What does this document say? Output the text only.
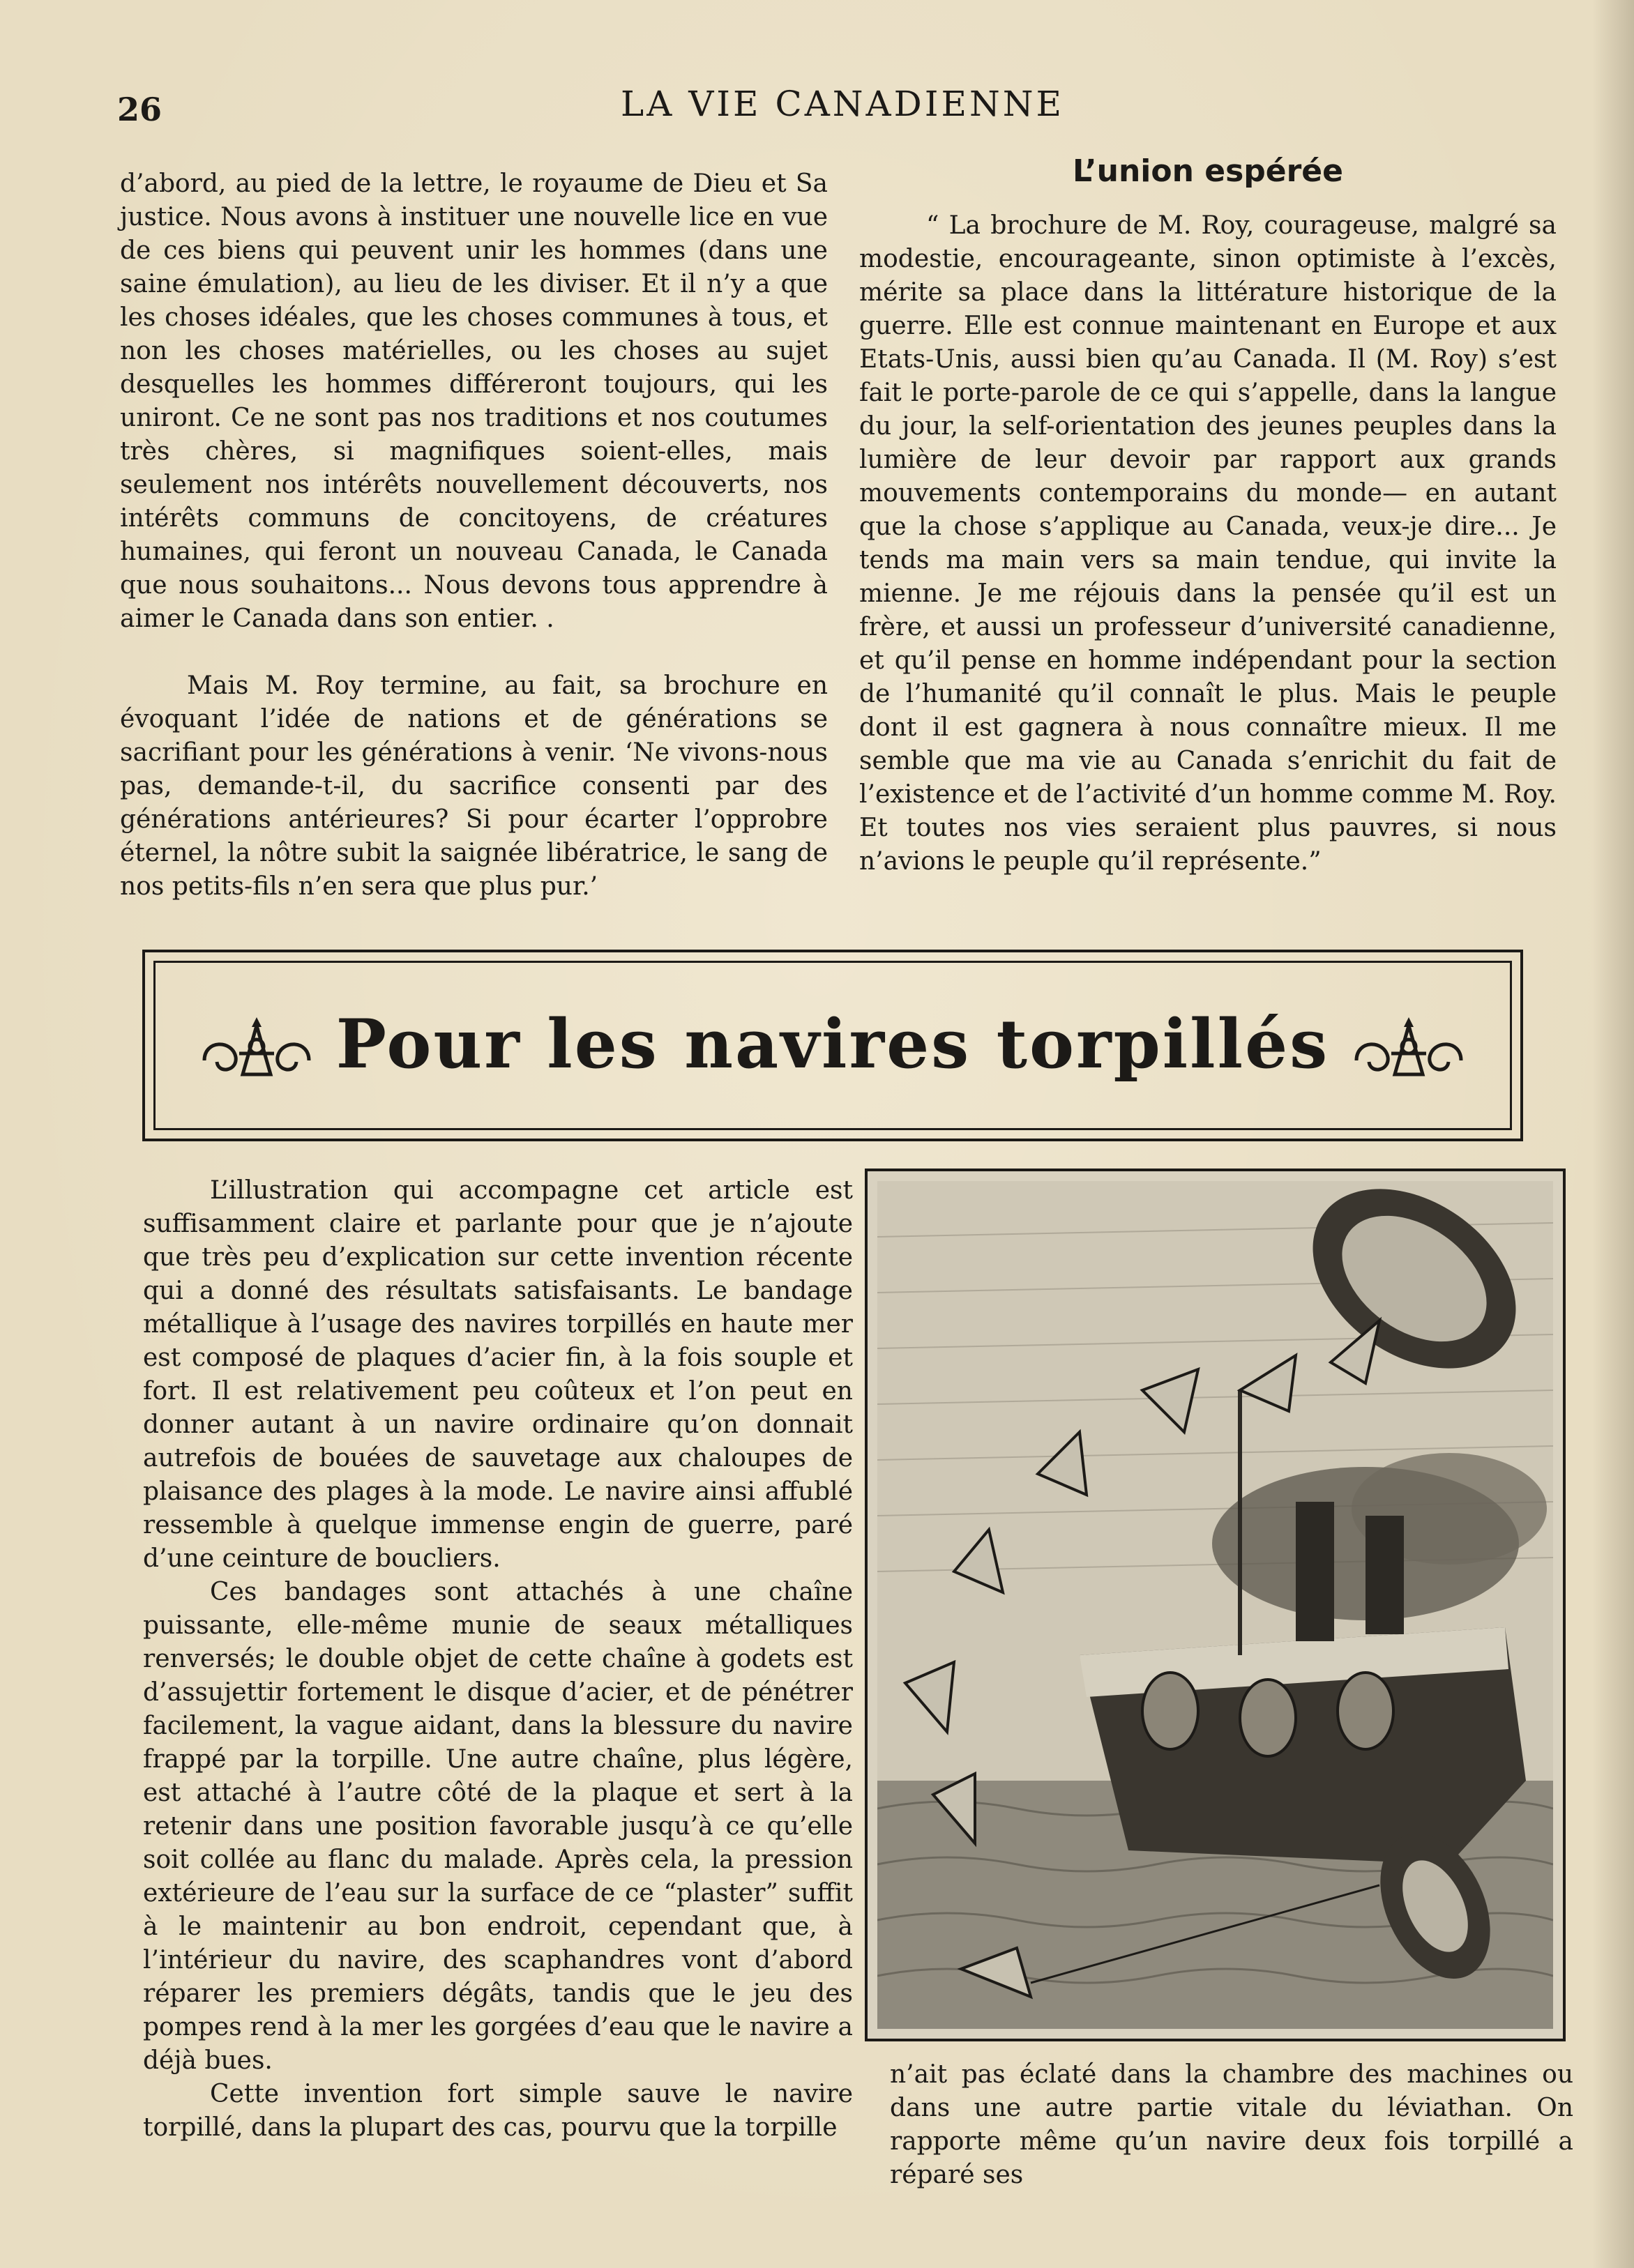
26	LA VIE CANADIENNE

d’abord, au pied de la lettre, le royaume de Dieu et Sa justice. Nous avons à instituer une nouvelle lice en vue de ces biens qui peuvent unir les hommes (dans une saine émulation), au lieu de les diviser. Et il n’y a que les choses idéales, que les choses communes à tous, et non les choses matérielles, ou les choses au sujet desquelles les hommes différeront toujours, qui les uniront. Ce ne sont pas nos traditions et nos coutumes très chères, si magnifiques soient-elles, mais seulement nos intérêts nouvellement découverts, nos intérêts communs de concitoyens, de créatures humaines, qui feront un nouveau Canada, le Canada que nous souhaitons... Nous devons tous apprendre à aimer le Canada dans son entier. .

Mais M. Roy termine, au fait, sa brochure en évoquant l’idée de nations et de générations se sacrifiant pour les générations à venir. ‘Ne vivons-nous pas, demande-t-il, du sacrifice consenti par des générations antérieures? Si pour écarter l’opprobre éternel, la nôtre subit la saignée libératrice, le sang de nos petits-fils n’en sera que plus pur.’

L’union espérée

“ La brochure de M. Roy, courageuse, malgré sa modestie, encourageante, sinon optimiste à l’excès, mérite sa place dans la littérature historique de la guerre. Elle est connue maintenant en Europe et aux Etats-Unis, aussi bien qu’au Canada. Il (M. Roy) s’est fait le porte-parole de ce qui s’appelle, dans la langue du jour, la self-orientation des jeunes peuples dans la lumière de leur devoir par rapport aux grands mouvements contemporains du monde— en autant que la chose s’applique au Canada, veux-je dire... Je tends ma main vers sa main tendue, qui invite la mienne. Je me réjouis dans la pensée qu’il est un frère, et aussi un professeur d’université canadienne, et qu’il pense en homme indépendant pour la section de l’humanité qu’il connaît le plus. Mais le peuple dont il est gagnera à nous connaître mieux. Il me semble que ma vie au Canada s’enrichit du fait de l’existence et de l’activité d’un homme comme M. Roy. Et toutes nos vies seraient plus pauvres, si nous n’avions le peuple qu’il représente.”

Pour les navires torpillés

L’illustration qui accompagne cet article est suffisamment claire et parlante pour que je n’ajoute que très peu d’explication sur cette invention récente qui a donné des résultats satisfaisants. Le bandage métallique à l’usage des navires torpillés en haute mer est composé de plaques d’acier fin, à la fois souple et fort. Il est relativement peu coûteux et l’on peut en donner autant à un navire ordinaire qu’on donnait autrefois de bouées de sauvetage aux chaloupes de plaisance des plages à la mode. Le navire ainsi affublé ressemble à quelque immense engin de guerre, paré d’une ceinture de boucliers.

Ces bandages sont attachés à une chaîne puissante, elle-même munie de seaux métalliques renversés; le double objet de cette chaîne à godets est d’assujettir fortement le disque d’acier, et de pénétrer facilement, la vague aidant, dans la blessure du navire frappé par la torpille. Une autre chaîne, plus légère, est attaché à l’autre côté de la plaque et sert à la retenir dans une position favorable jusqu’à ce qu’elle soit collée au flanc du malade. Après cela, la pression extérieure de l’eau sur la surface de ce “plaster” suffit à le maintenir au bon endroit, cependant que, à l’intérieur du navire, des scaphandres vont d’abord réparer les premiers dégâts, tandis que le jeu des pompes rend à la mer les gorgées d’eau que le navire a déjà bues.

Cette invention fort simple sauve le navire torpillé, dans la plupart des cas, pourvu que la torpille

n’ait pas éclaté dans la chambre des machines ou dans une autre partie vitale du léviathan. On rapporte même qu’un navire deux fois torpillé a réparé ses
